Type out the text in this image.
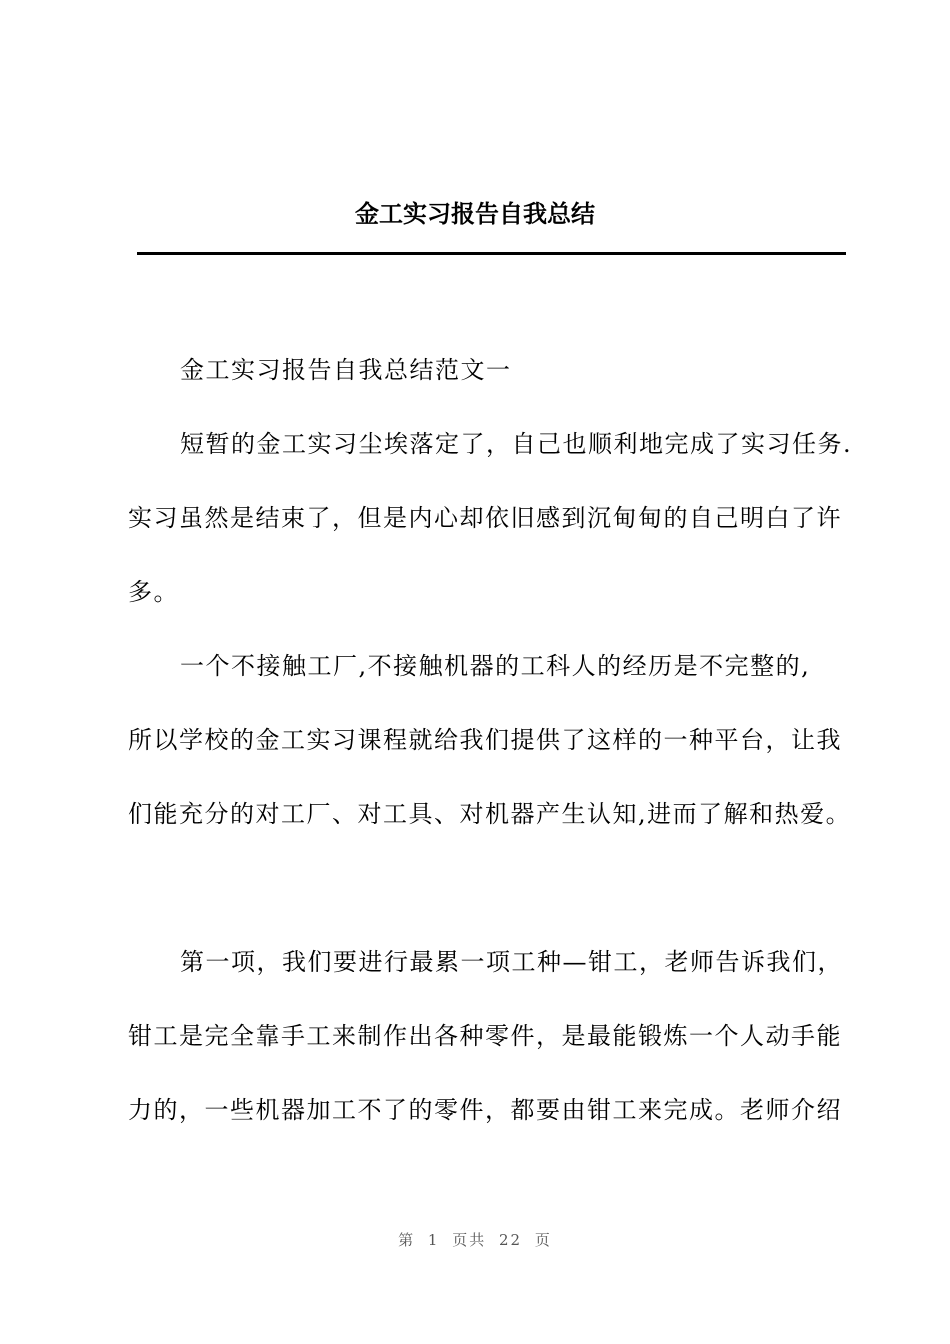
金工实习报告自我总结
金工实习报告自我总结范文一
短暂的金工实习尘埃落定了，自己也顺利地完成了实习任务.
实习虽然是结束了，但是内心却依旧感到沉甸甸的自己明白了许
多。
一个不接触工厂,不接触机器的工科人的经历是不完整的,
所以学校的金工实习课程就给我们提供了这样的一种平台，让我
们能充分的对工厂、对工具、对机器产生认知,进而了解和热爱。
第一项，我们要进行最累一项工种—钳工，老师告诉我们，
钳工是完全靠手工来制作出各种零件，是最能锻炼一个人动手能
力的，一些机器加工不了的零件，都要由钳工来完成。老师介绍
第 1 页共 22 页
